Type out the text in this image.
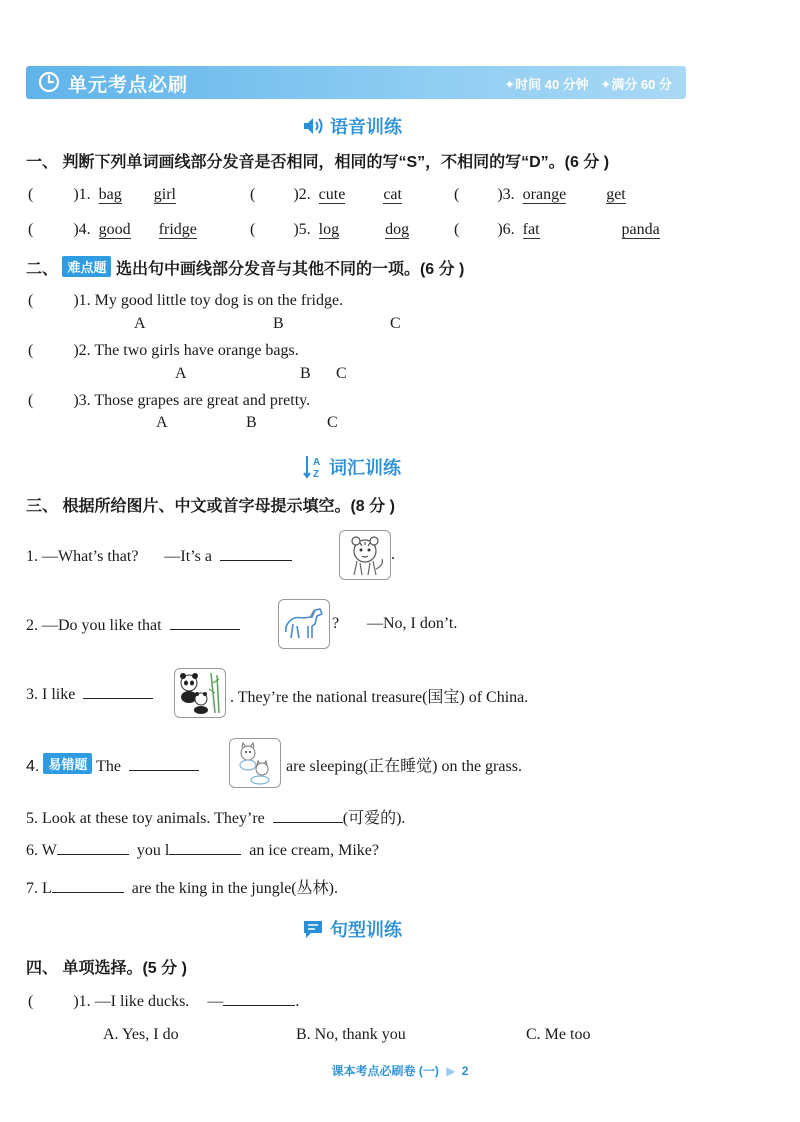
单元考点必刷	✦时间 40 分钟 ✦满分 60 分
语音训练
一、 判断下列单词画线部分发音是否相同，相同的写“S”，不相同的写“D”。(6 分 )
(	)1. bag girl	( )2. cute cat	( )3. orange	get
(	)4. good fridge	( )5. log	dog	( )6. fat	panda
二、 难点题 选出句中画线部分发音与其他不同的一项。(6 分 )
(	)1. My good little toy dog is on the fridge.
A	B	C
(	)2. The two girls have orange bags.
A	B C
(	)3. Those grapes are great and pretty.
A	B	C
A
Z 词汇训练
三、 根据所给图片、中文或首字母提示填空。(8 分 )
1. —What’s that? —It’s a	.
2. —Do you like that	? —No, I don’t.
3. I like	. They’re the national treasure(国宝) of China.
4. 易错题 The	are sleeping(正在睡觉) on the grass.
5. Look at these toy animals. They’re	(可爱的).
6. W	you l	an ice cream, Mike?
7. L	are the king in the jungle(丛林).
句型训练
四、 单项选择。(5 分 )
(	)1. —I like ducks. —	.
A. Yes, I do	B. No, thank you	C. Me too
课本考点必刷卷 (一) ▶ 2
